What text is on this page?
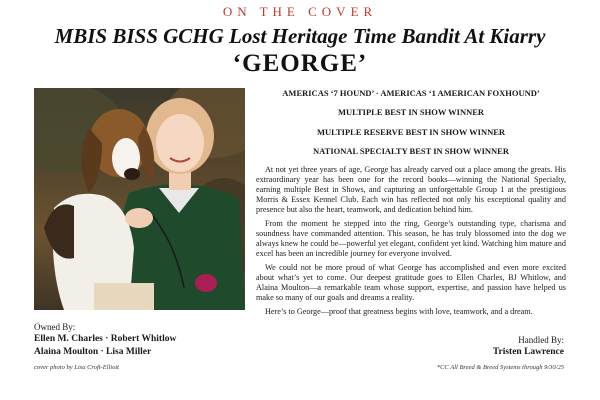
ON THE COVER
MBIS BISS GCHG Lost Heritage Time Bandit At Kiarry
‘GEORGE’
AMERICAS ‘7 HOUND’ · AMERICAS ‘1 AMERICAN FOXHOUND’
MULTIPLE BEST IN SHOW WINNER
MULTIPLE RESERVE BEST IN SHOW WINNER
NATIONAL SPECIALTY BEST IN SHOW WINNER

At not yet three years of age, George has already carved out a place among the greats. His extraordinary year has been one for the record books—winning the National Specialty, earning multiple Best in Shows, and capturing an unforgettable Group 1 at the prestigious Morris & Essex Kennel Club. Each win has reflected not only his exceptional quality and presence but also the heart, teamwork, and dedication behind him.

From the moment he stepped into the ring, George’s outstanding type, charisma and soundness have commanded attention. This season, he has truly blossomed into the dog we always knew he could be—powerful yet elegant, confident yet kind. Watching him mature and excel has been an incredible journey for everyone involved.

We could not be more proud of what George has accomplished and even more excited about what’s yet to come. Our deepest gratitude goes to Ellen Charles, BJ Whitlow, and Alaina Moulton—a remarkable team whose support, expertise, and passion have helped us make so many of our goals and dreams a reality.

Here’s to George—proof that greatness begins with love, teamwork, and a dream.

Owned By:
Ellen M. Charles · Robert Whitlow
Alaina Moulton · Lisa Miller
Handled By:
Tristen Lawrence
cover photo by Lisa Croft-Elliott	*CC All Breed & Breed Systems through 9/30/25
